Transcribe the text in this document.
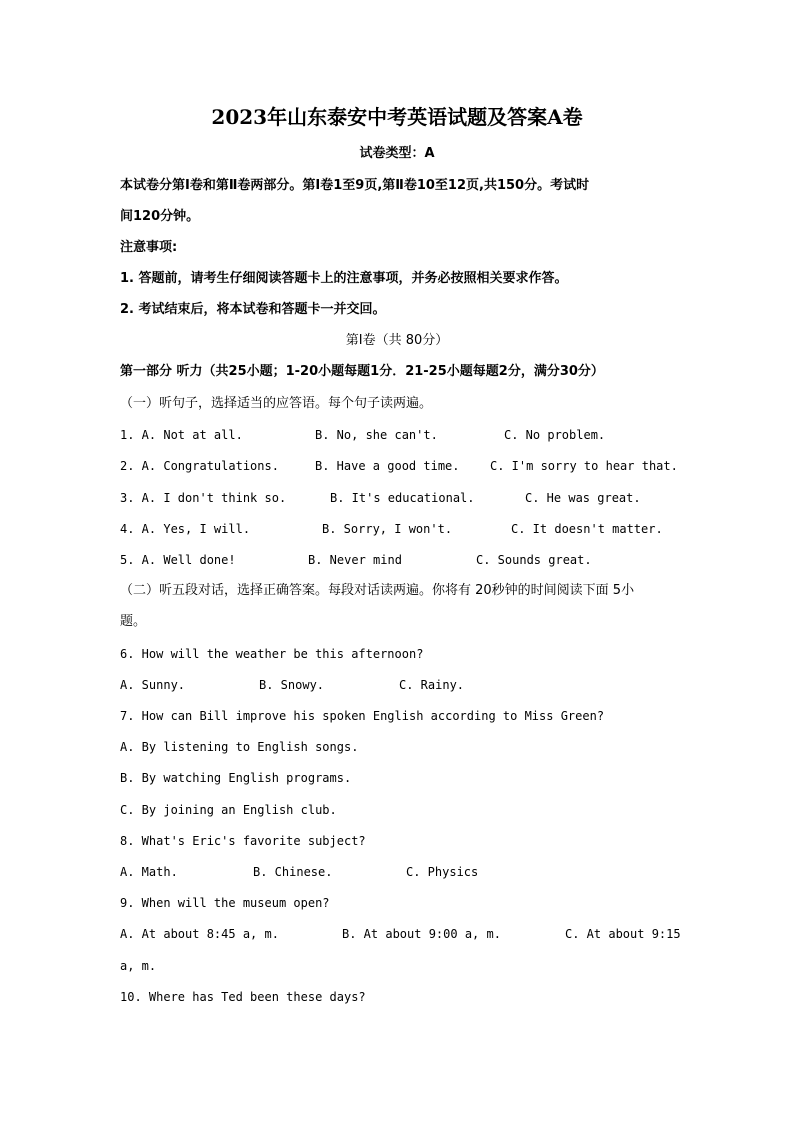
2023年山东泰安中考英语试题及答案A卷
试卷类型：A
本试卷分第Ⅰ卷和第Ⅱ卷两部分。第Ⅰ卷1至9页,第Ⅱ卷10至12页,共150分。考试时
间120分钟。
注意事项:
1. 答题前，请考生仔细阅读答题卡上的注意事项，并务必按照相关要求作答。
2. 考试结束后，将本试卷和答题卡一并交回。
第Ⅰ卷（共 80分）
第一部分 听力（共25小题；1-20小题每题1分．21-25小题每题2分，满分30分）
（一）听句子，选择适当的应答语。每个句子读两遍。
1. A. Not at all.	B. No, she can't.	C. No problem.
2. A. Congratulations.	B. Have a good time.	C. I'm sorry to hear that.
3. A. I don't think so.	B. It's educational.	C. He was great.
4. A. Yes, I will.	B. Sorry, I won't.	C. It doesn't matter.
5. A. Well done!	B. Never mind	C. Sounds great.
（二）听五段对话，选择正确答案。每段对话读两遍。你将有 20秒钟的时间阅读下面 5小
题。
6. How will the weather be this afternoon?
A. Sunny.	B. Snowy.	C. Rainy.
7. How can Bill improve his spoken English according to Miss Green?
A. By listening to English songs.
B. By watching English programs.
C. By joining an English club.
8. What's Eric's favorite subject?
A. Math.	B. Chinese.	C. Physics
9. When will the museum open?
A. At about 8:45 a, m.	B. At about 9:00 a, m.	C. At about 9:15
a, m.
10. Where has Ted been these days?
